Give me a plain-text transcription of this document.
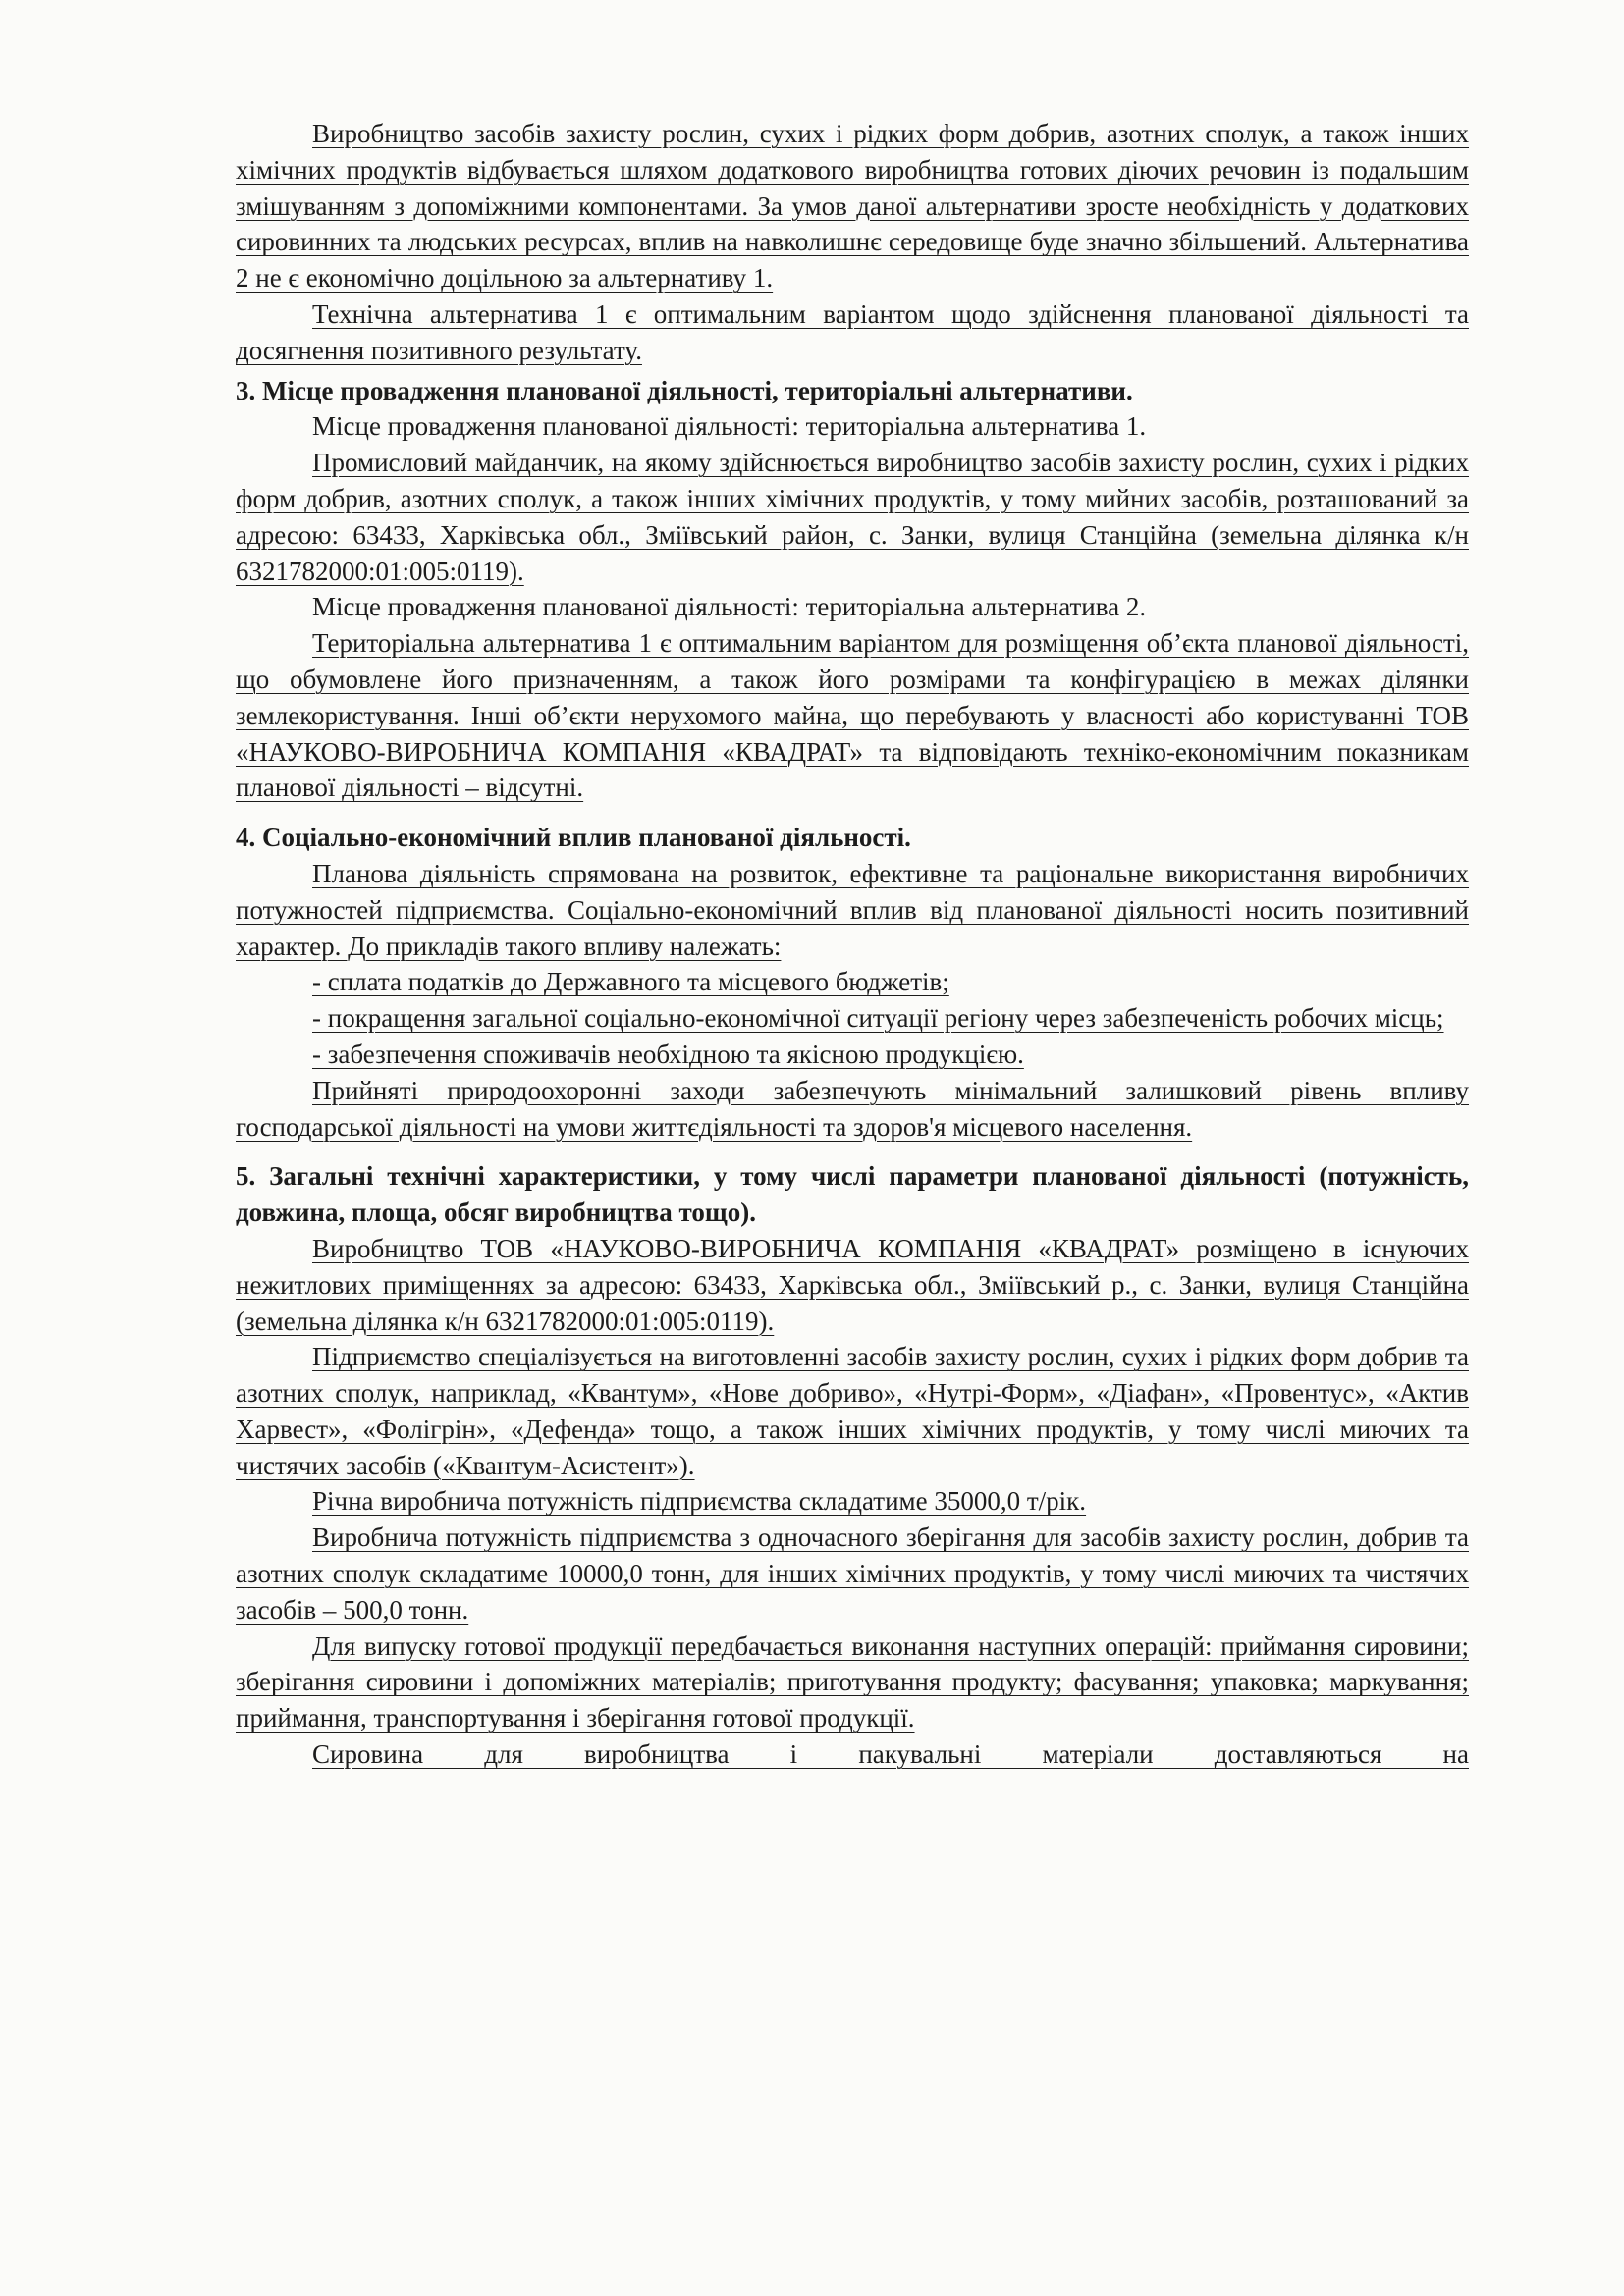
Виробництво засобів захисту рослин, сухих і рідких форм добрив, азотних сполук, а також інших хімічних продуктів відбувається шляхом додаткового виробництва готових діючих речовин із подальшим змішуванням з допоміжними компонентами. За умов даної альтернативи зросте необхідність у додаткових сировинних та людських ресурсах, вплив на навколишнє середовище буде значно збільшений. Альтернатива 2 не є економічно доцільною за альтернативу 1.

Технічна альтернатива 1 є оптимальним варіантом щодо здійснення планованої діяльності та досягнення позитивного результату.

3. Місце провадження планованої діяльності, територіальні альтернативи.

Місце провадження планованої діяльності: територіальна альтернатива 1.

Промисловий майданчик, на якому здійснюється виробництво засобів захисту рослин, сухих і рідких форм добрив, азотних сполук, а також інших хімічних продуктів, у тому мийних засобів, розташований за адресою: 63433, Харківська обл., Зміївський район, с. Занки, вулиця Станційна (земельна ділянка к/н 6321782000:01:005:0119).

Місце провадження планованої діяльності: територіальна альтернатива 2.

Територіальна альтернатива 1 є оптимальним варіантом для розміщення об’єкта планової діяльності, що обумовлене його призначенням, а також його розмірами та конфігурацією в межах ділянки землекористування. Інші об’єкти нерухомого майна, що перебувають у власності або користуванні ТОВ «НАУКОВО-ВИРОБНИЧА КОМПАНІЯ «КВАДРАТ» та відповідають техніко-економічним показникам планової діяльності – відсутні.

4. Соціально-економічний вплив планованої діяльності.

Планова діяльність спрямована на розвиток, ефективне та раціональне використання виробничих потужностей підприємства. Соціально-економічний вплив від планованої діяльності носить позитивний характер. До прикладів такого впливу належать:

- сплата податків до Державного та місцевого бюджетів;

- покращення загальної соціально-економічної ситуації регіону через забезпеченість робочих місць;

- забезпечення споживачів необхідною та якісною продукцією.

Прийняті природоохоронні заходи забезпечують мінімальний залишковий рівень впливу господарської діяльності на умови життєдіяльності та здоров'я місцевого населення.

5. Загальні технічні характеристики, у тому числі параметри планованої діяльності (потужність, довжина, площа, обсяг виробництва тощо).

Виробництво ТОВ «НАУКОВО-ВИРОБНИЧА КОМПАНІЯ «КВАДРАТ» розміщено в існуючих нежитлових приміщеннях за адресою: 63433, Харківська обл., Зміївський р., с. Занки, вулиця Станційна (земельна ділянка к/н 6321782000:01:005:0119).

Підприємство спеціалізується на виготовленні засобів захисту рослин, сухих і рідких форм добрив та азотних сполук, наприклад, «Квантум», «Нове добриво», «Нутрі-Форм», «Діафан», «Провентус», «Актив Харвест», «Фолігрін», «Дефенда» тощо, а також інших хімічних продуктів, у тому числі миючих та чистячих засобів («Квантум-Асистент»).

Річна виробнича потужність підприємства складатиме 35000,0 т/рік.

Виробнича потужність підприємства з одночасного зберігання для засобів захисту рослин, добрив та азотних сполук складатиме 10000,0 тонн, для інших хімічних продуктів, у тому числі миючих та чистячих засобів – 500,0 тонн.

Для випуску готової продукції передбачається виконання наступних операцій: приймання сировини; зберігання сировини і допоміжних матеріалів; приготування продукту; фасування; упаковка; маркування; приймання, транспортування і зберігання готової продукції.

Сировина для виробництва і пакувальні матеріали доставляються на
